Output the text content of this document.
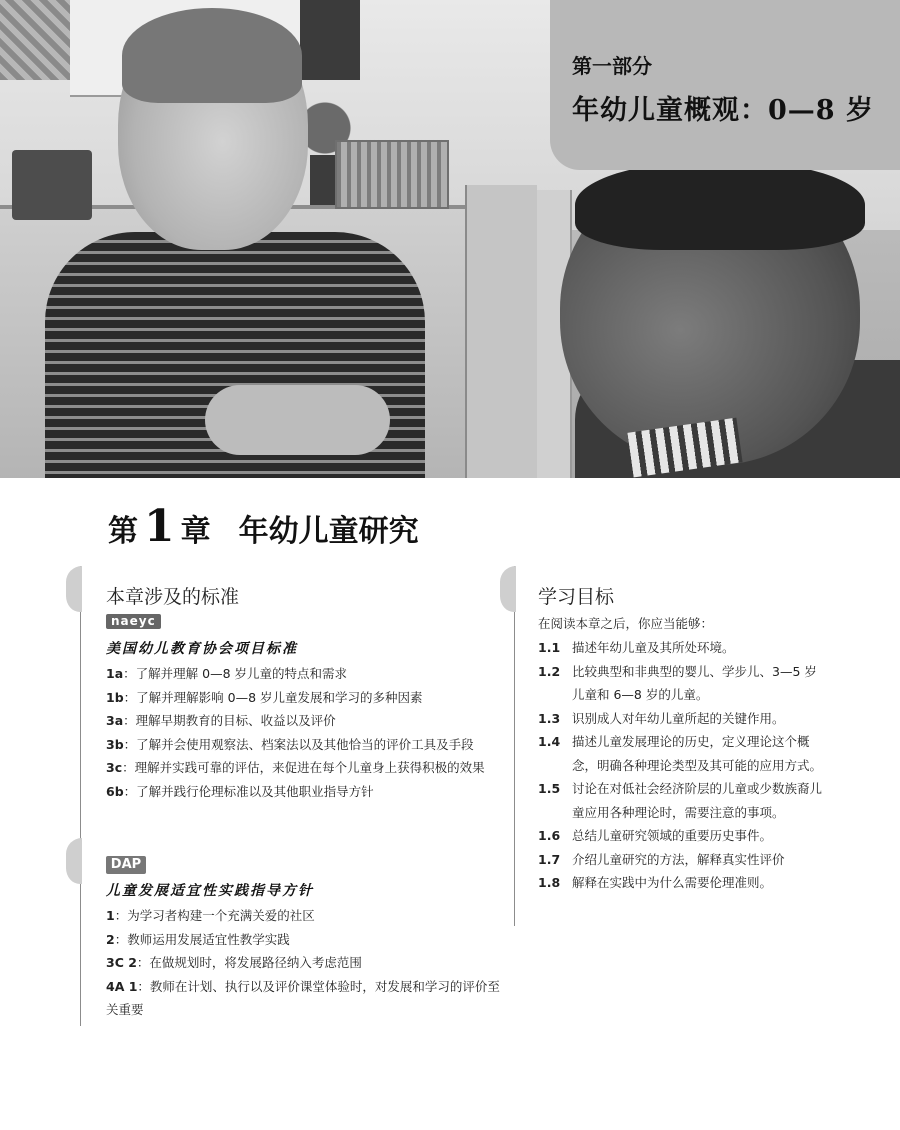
第一部分
年幼儿童概观：0—8 岁
第 1 章 年幼儿童研究
本章涉及的标准
naeyc
美国幼儿教育协会项目标准
1a：了解并理解 0—8 岁儿童的特点和需求
1b：了解并理解影响 0—8 岁儿童发展和学习的多种因素
3a：理解早期教育的目标、收益以及评价
3b：了解并会使用观察法、档案法以及其他恰当的评价工具及手段
3c：理解并实践可靠的评估，来促进在每个儿童身上获得积极的效果
6b：了解并践行伦理标准以及其他职业指导方针
DAP
儿童发展适宜性实践指导方针
1：为学习者构建一个充满关爱的社区
2：教师运用发展适宜性教学实践
3C 2：在做规划时，将发展路径纳入考虑范围
4A 1：教师在计划、执行以及评价课堂体验时，对发展和学习的评价至关重要
学习目标
在阅读本章之后，你应当能够：
1.1 描述年幼儿童及其所处环境。
1.2 比较典型和非典型的婴儿、学步儿、3—5 岁儿童和 6—8 岁的儿童。
1.3 识别成人对年幼儿童所起的关键作用。
1.4 描述儿童发展理论的历史，定义理论这个概念，明确各种理论类型及其可能的应用方式。
1.5 讨论在对低社会经济阶层的儿童或少数族裔儿童应用各种理论时，需要注意的事项。
1.6 总结儿童研究领域的重要历史事件。
1.7 介绍儿童研究的方法，解释真实性评价
1.8 解释在实践中为什么需要伦理准则。
